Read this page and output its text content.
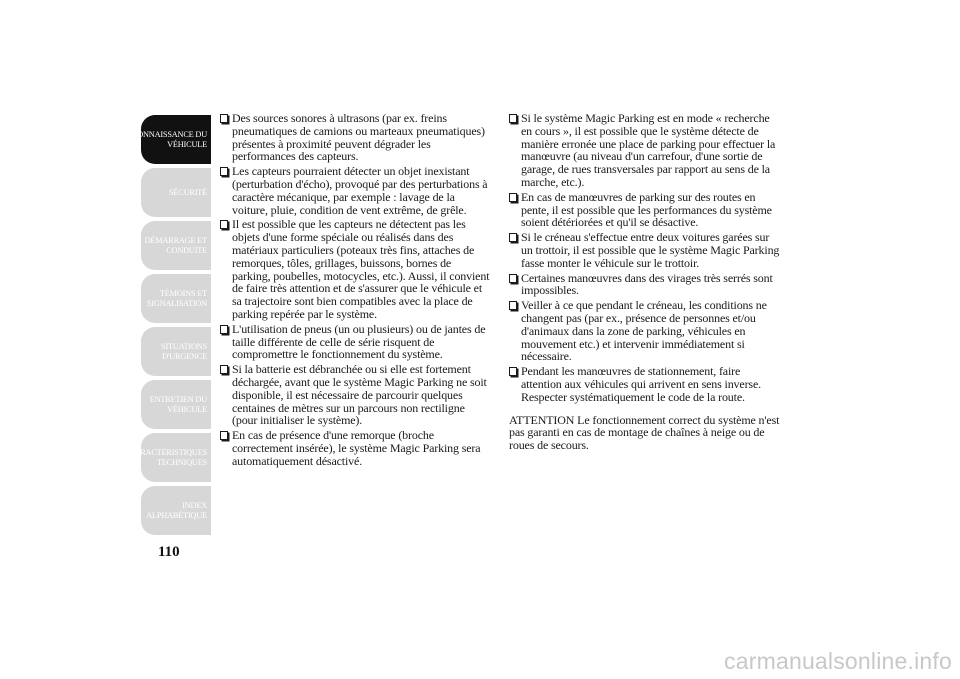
CONNAISSANCE DU
VÉHICULE
SÉCURITÉ
DÉMARRAGE ET
CONDUITE
TÉMOINS ET
SIGNALISATION
SITUATIONS
D'URGENCE
ENTRETIEN DU
VÉHICULE
CARACTÉRISTIQUES
TECHNIQUES
INDEX
ALPHABÉTIQUE
110
Des sources sonores à ultrasons (par ex. freins pneumatiques de camions ou marteaux pneumatiques) présentes à proximité peuvent dégrader les performances des capteurs.
Les capteurs pourraient détecter un objet inexistant (perturbation d'écho), provoqué par des perturbations à caractère mécanique, par exemple : lavage de la voiture, pluie, condition de vent extrême, de grêle.
Il est possible que les capteurs ne détectent pas les objets d'une forme spéciale ou réalisés dans des matériaux particuliers (poteaux très fins, attaches de remorques, tôles, grillages, buissons, bornes de parking, poubelles, motocycles, etc.). Aussi, il convient de faire très attention et de s'assurer que le véhicule et sa trajectoire sont bien compatibles avec la place de parking repérée par le système.
L'utilisation de pneus (un ou plusieurs) ou de jantes de taille différente de celle de série risquent de compromettre le fonctionnement du système.
Si la batterie est débranchée ou si elle est fortement déchargée, avant que le système Magic Parking ne soit disponible, il est nécessaire de parcourir quelques centaines de mètres sur un parcours non rectiligne (pour initialiser le système).
En cas de présence d'une remorque (broche correctement insérée), le système Magic Parking sera automatiquement désactivé.
Si le système Magic Parking est en mode « recherche en cours », il est possible que le système détecte de manière erronée une place de parking pour effectuer la manœuvre (au niveau d'un carrefour, d'une sortie de garage, de rues transversales par rapport au sens de la marche, etc.).
En cas de manœuvres de parking sur des routes en pente, il est possible que les performances du système soient détériorées et qu'il se désactive.
Si le créneau s'effectue entre deux voitures garées sur un trottoir, il est possible que le système Magic Parking fasse monter le véhicule sur le trottoir.
Certaines manœuvres dans des virages très serrés sont impossibles.
Veiller à ce que pendant le créneau, les conditions ne changent pas (par ex., présence de personnes et/ou d'animaux dans la zone de parking, véhicules en mouvement etc.) et intervenir immédiatement si nécessaire.
Pendant les manœuvres de stationnement, faire attention aux véhicules qui arrivent en sens inverse. Respecter systématiquement le code de la route.

ATTENTION Le fonctionnement correct du système n'est pas garanti en cas de montage de chaînes à neige ou de roues de secours.

carmanualsonline.info
